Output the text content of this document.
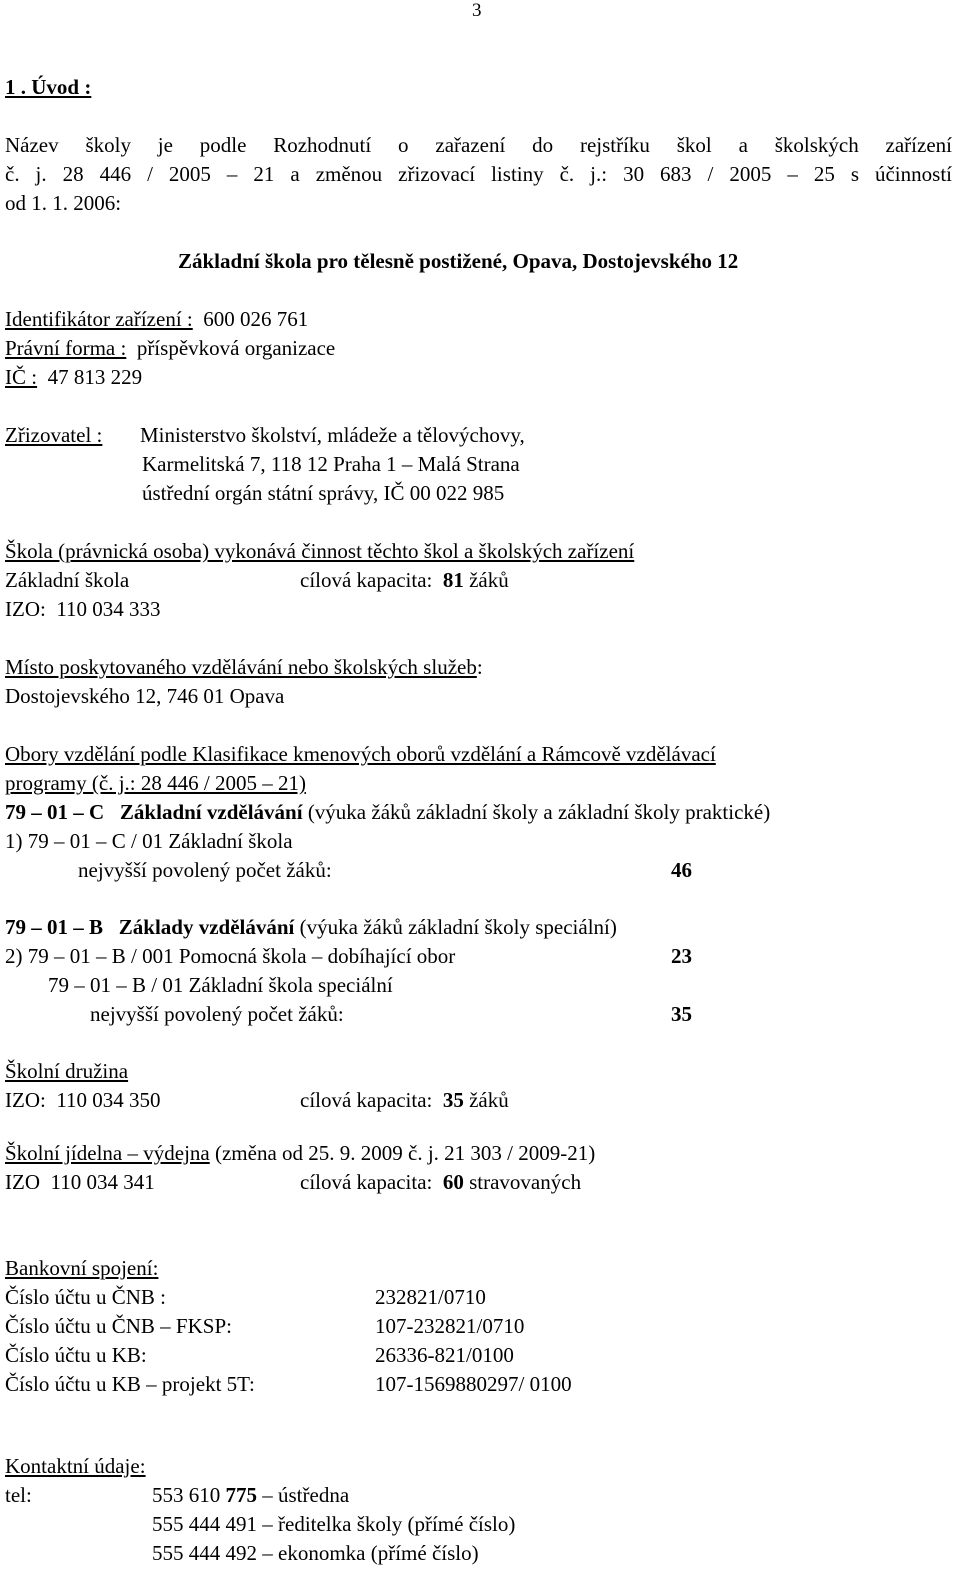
3
1 . Úvod :
Název školy je podle Rozhodnutí o zařazení do rejstříku škol a školských zařízení
č. j. 28 446 / 2005 – 21 a změnou zřizovací listiny č. j.: 30 683 / 2005 – 25 s účinností
od 1. 1. 2006:
Základní škola pro tělesně postižené, Opava, Dostojevského 12
Identifikátor zařízení : 600 026 761
Právní forma : příspěvková organizace
IČ : 47 813 229
Zřizovatel : Ministerstvo školství, mládeže a tělovýchovy,
Karmelitská 7, 118 12 Praha 1 – Malá Strana
ústřední orgán státní správy, IČ 00 022 985
Škola (právnická osoba) vykonává činnost těchto škol a školských zařízení
Základní škola	cílová kapacita: 81 žáků
IZO: 110 034 333
Místo poskytovaného vzdělávání nebo školských služeb:
Dostojevského 12, 746 01 Opava
Obory vzdělání podle Klasifikace kmenových oborů vzdělání a Rámcově vzdělávací
programy (č. j.: 28 446 / 2005 – 21)
79 – 01 – C Základní vzdělávání (výuka žáků základní školy a základní školy praktické)
1) 79 – 01 – C / 01 Základní škola
nejvyšší povolený počet žáků:	46
79 – 01 – B Základy vzdělávání (výuka žáků základní školy speciální)
2) 79 – 01 – B / 001 Pomocná škola – dobíhající obor	23
79 – 01 – B / 01 Základní škola speciální
nejvyšší povolený počet žáků:	35
Školní družina
IZO: 110 034 350	cílová kapacita: 35 žáků
Školní jídelna – výdejna (změna od 25. 9. 2009 č. j. 21 303 / 2009-21)
IZO 110 034 341	cílová kapacita: 60 stravovaných
Bankovní spojení:
Číslo účtu u ČNB :	232821/0710
Číslo účtu u ČNB – FKSP:	107-232821/0710
Číslo účtu u KB:	26336-821/0100
Číslo účtu u KB – projekt 5T:	107-1569880297/ 0100
Kontaktní údaje:
tel:	553 610 775 – ústředna
555 444 491 – ředitelka školy (přímé číslo)
555 444 492 – ekonomka (přímé číslo)
